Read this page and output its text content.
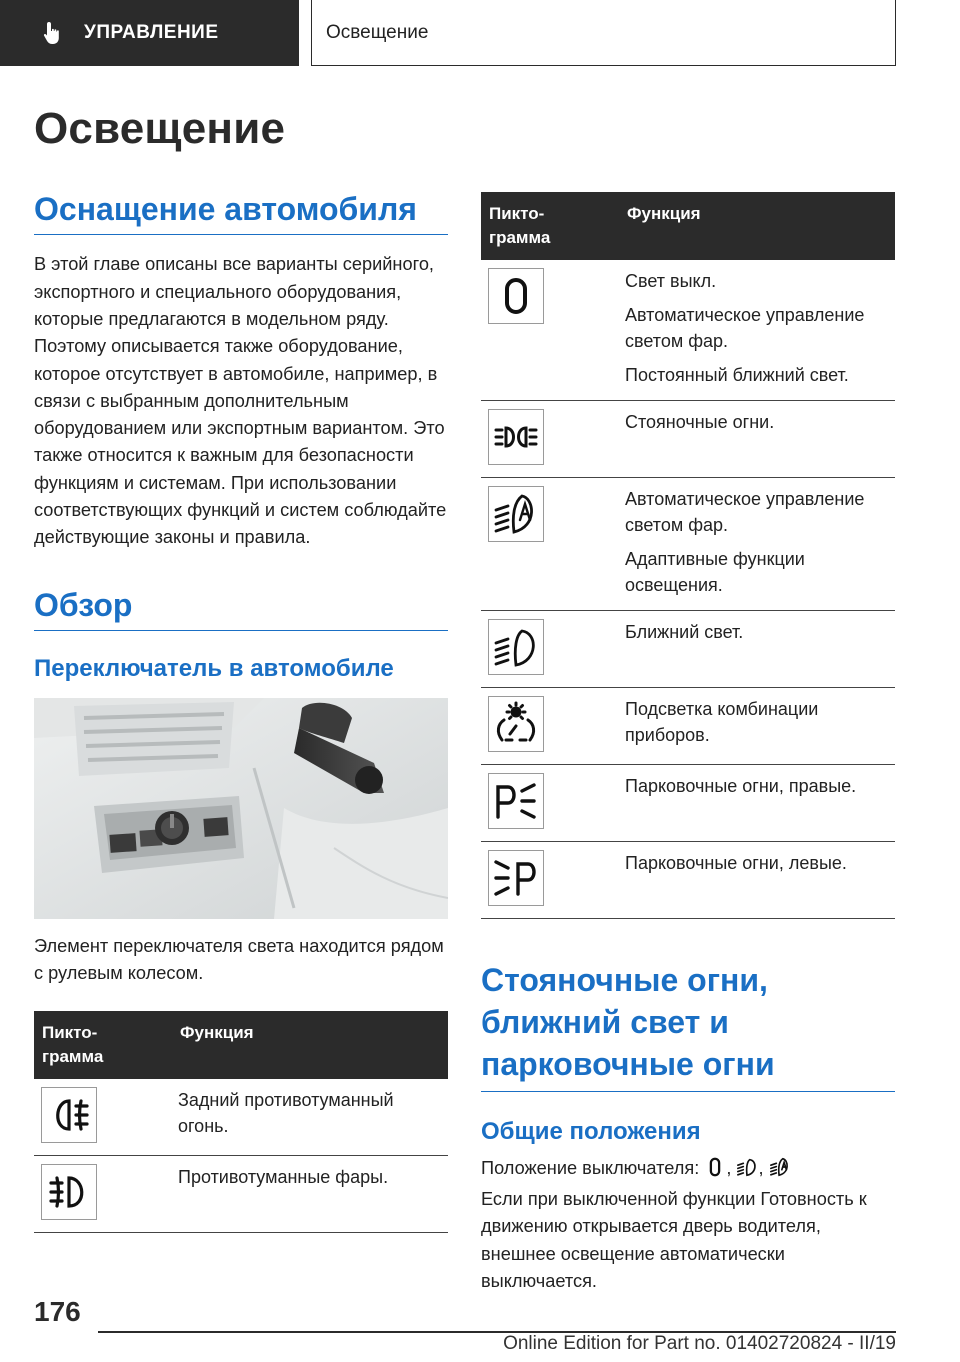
УПРАВЛЕНИЕ	Освещение
Освещение
Оснащение автомобиля

В этой главе описаны все варианты серийного, экспортного и специального оборудования, которые предлагаются в модельном ряду. Поэтому описывается также оборудование, которое отсутствует в автомобиле, например, в связи с выбранным дополнительным оборудованием или экспортным вариантом. Это также относится к важным для безопасности функциям и системам. При использовании соответствующих функций и систем соблюдайте действующие законы и правила.

Обзор
Переключатель в автомобиле

Элемент переключателя света находится рядом с рулевым колесом.

Пикто-
грамма	Функция

Задний противотуманный огонь.

Противотуманные фары.

Пикто-
грамма	Функция

Свет выкл.

Автоматическое управление светом фар.

Постоянный ближний свет.

Стояночные огни.

Автоматическое управление светом фар.

Адаптивные функции освещения.

Ближний свет.

Подсветка комбинации приборов.

Парковочные огни, правые.

Парковочные огни, левые.

Стояночные огни, ближний свет и парковочные огни
Общие положения

Положение выключателя: , ,

Если при выключенной функции Готовность к движению открывается дверь водителя, внешнее освещение автоматически выключается.

176
Online Edition for Part no. 01402720824 - II/19
